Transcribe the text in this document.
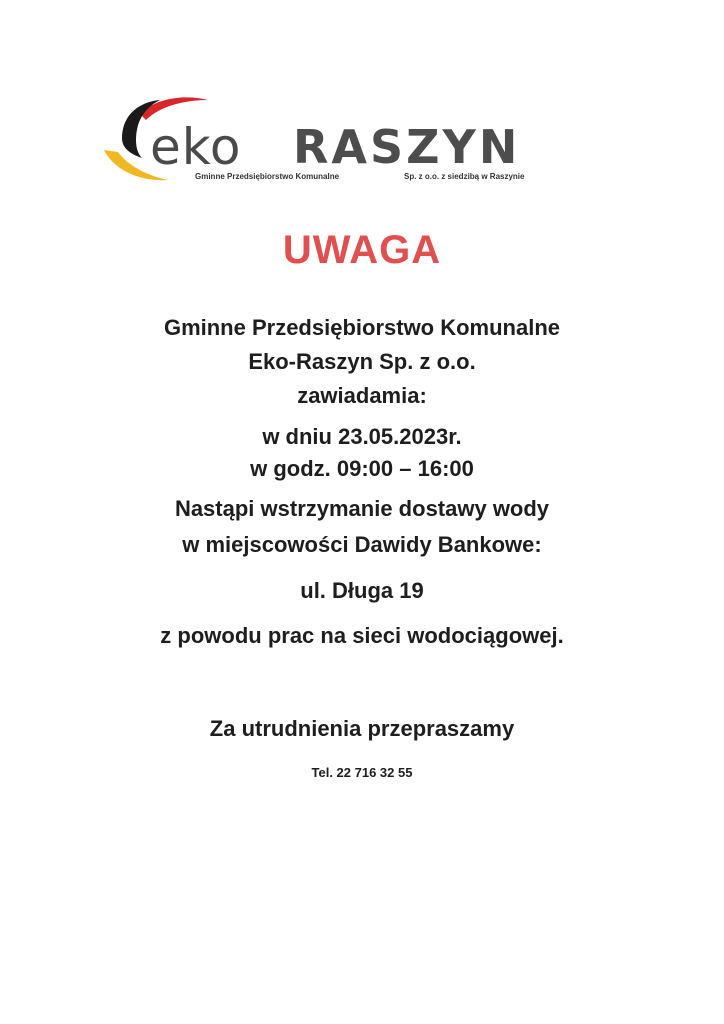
eko RASZYN
Gminne Przedsiębiorstwo Komunalne	Sp. z o.o. z siedzibą w Raszynie
UWAGA
Gminne Przedsiębiorstwo Komunalne
Eko-Raszyn Sp. z o.o.
zawiadamia:
w dniu 23.05.2023r.
w godz. 09:00 – 16:00
Nastąpi wstrzymanie dostawy wody
w miejscowości Dawidy Bankowe:
ul. Długa 19
z powodu prac na sieci wodociągowej.
Za utrudnienia przepraszamy
Tel. 22 716 32 55
